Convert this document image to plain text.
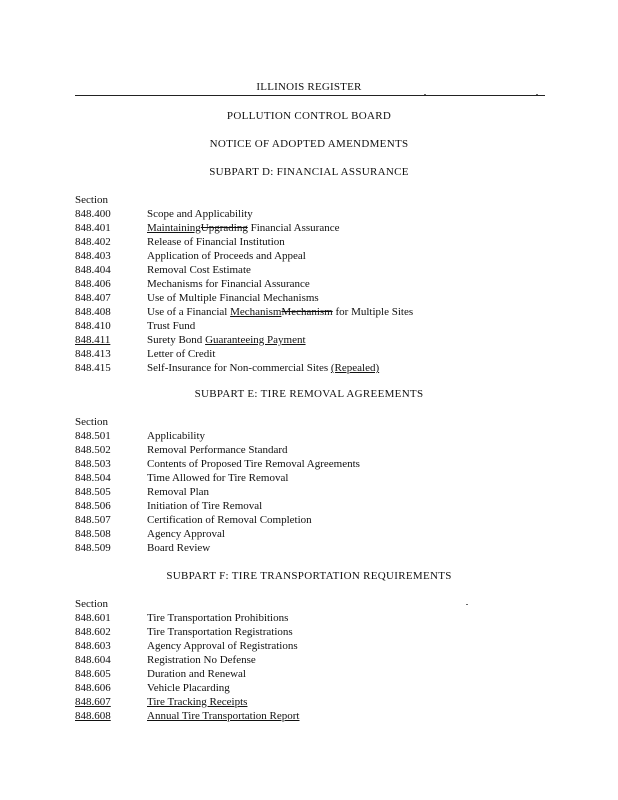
ILLINOIS REGISTER
POLLUTION CONTROL BOARD
NOTICE OF ADOPTED AMENDMENTS
SUBPART D: FINANCIAL ASSURANCE
Section
848.400	Scope and Applicability
848.401	MaintainingUpgrading Financial Assurance
848.402	Release of Financial Institution
848.403	Application of Proceeds and Appeal
848.404	Removal Cost Estimate
848.406	Mechanisms for Financial Assurance
848.407	Use of Multiple Financial Mechanisms
848.408	Use of a Financial MechanismMechanism for Multiple Sites
848.410	Trust Fund
848.411	Surety Bond Guaranteeing Payment
848.413	Letter of Credit
848.415	Self-Insurance for Non-commercial Sites (Repealed)
SUBPART E: TIRE REMOVAL AGREEMENTS
Section
848.501	Applicability
848.502	Removal Performance Standard
848.503	Contents of Proposed Tire Removal Agreements
848.504	Time Allowed for Tire Removal
848.505	Removal Plan
848.506	Initiation of Tire Removal
848.507	Certification of Removal Completion
848.508	Agency Approval
848.509	Board Review
SUBPART F: TIRE TRANSPORTATION REQUIREMENTS
Section
848.601	Tire Transportation Prohibitions
848.602	Tire Transportation Registrations
848.603	Agency Approval of Registrations
848.604	Registration No Defense
848.605	Duration and Renewal
848.606	Vehicle Placarding
848.607	Tire Tracking Receipts
848.608	Annual Tire Transportation Report
